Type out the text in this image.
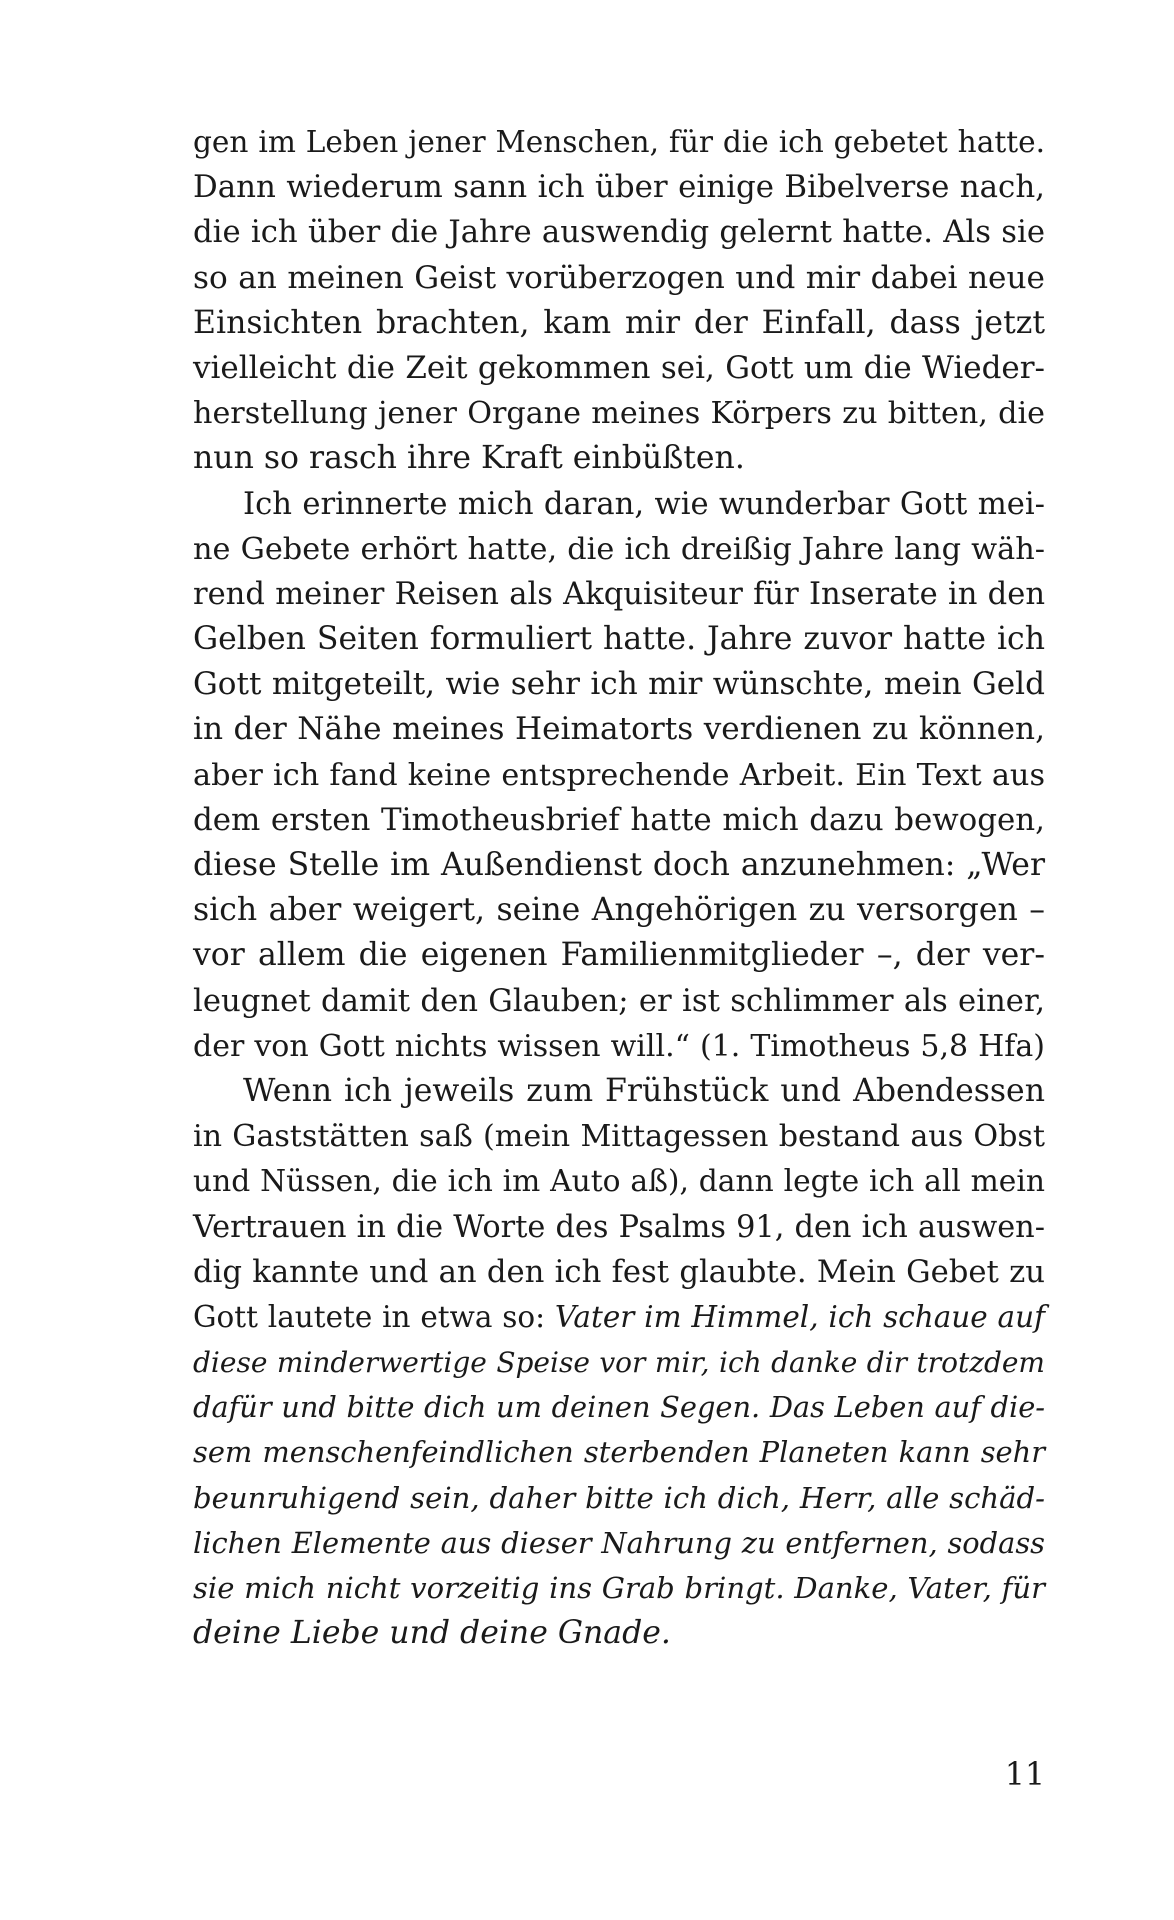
gen im Leben jener Menschen, für die ich gebetet hatte.
Dann wiederum sann ich über einige Bibelverse nach,
die ich über die Jahre auswendig gelernt hatte. Als sie
so an meinen Geist vorüberzogen und mir dabei neue
Einsichten brachten, kam mir der Einfall, dass jetzt
vielleicht die Zeit gekommen sei, Gott um die Wieder-
herstellung jener Organe meines Körpers zu bitten, die
nun so rasch ihre Kraft einbüßten.
Ich erinnerte mich daran, wie wunderbar Gott mei-
ne Gebete erhört hatte, die ich dreißig Jahre lang wäh-
rend meiner Reisen als Akquisiteur für Inserate in den
Gelben Seiten formuliert hatte. Jahre zuvor hatte ich
Gott mitgeteilt, wie sehr ich mir wünschte, mein Geld
in der Nähe meines Heimatorts verdienen zu können,
aber ich fand keine entsprechende Arbeit. Ein Text aus
dem ersten Timotheusbrief hatte mich dazu bewogen,
diese Stelle im Außendienst doch anzunehmen: „Wer
sich aber weigert, seine Angehörigen zu versorgen –
vor allem die eigenen Familienmitglieder –, der ver-
leugnet damit den Glauben; er ist schlimmer als einer,
der von Gott nichts wissen will.“ (1. Timotheus 5,8 Hfa)
Wenn ich jeweils zum Frühstück und Abendessen
in Gaststätten saß (mein Mittagessen bestand aus Obst
und Nüssen, die ich im Auto aß), dann legte ich all mein
Vertrauen in die Worte des Psalms 91, den ich auswen-
dig kannte und an den ich fest glaubte. Mein Gebet zu
Gott lautete in etwa so: Vater im Himmel, ich schaue auf
diese minderwertige Speise vor mir, ich danke dir trotzdem
dafür und bitte dich um deinen Segen. Das Leben auf die-
sem menschenfeindlichen sterbenden Planeten kann sehr
beunruhigend sein, daher bitte ich dich, Herr, alle schäd-
lichen Elemente aus dieser Nahrung zu entfernen, sodass
sie mich nicht vorzeitig ins Grab bringt. Danke, Vater, für
deine Liebe und deine Gnade.
11
